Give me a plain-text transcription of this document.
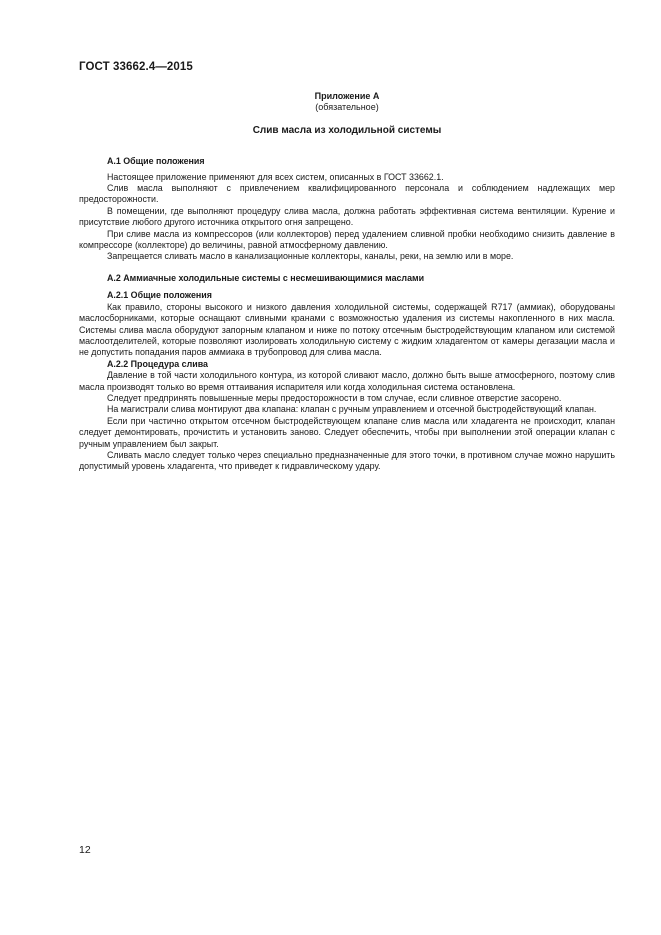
ГОСТ 33662.4—2015
Приложение А
(обязательное)
Слив масла из холодильной системы
А.1 Общие положения

Настоящее приложение применяют для всех систем, описанных в ГОСТ 33662.1.

Слив масла выполняют с привлечением квалифицированного персонала и соблюдением надлежащих мер предосторожности.

В помещении, где выполняют процедуру слива масла, должна работать эффективная система вентиляции. Курение и присутствие любого другого источника открытого огня запрещено.

При сливе масла из компрессоров (или коллекторов) перед удалением сливной пробки необходимо снизить давление в компрессоре (коллекторе) до величины, равной атмосферному давлению.

Запрещается сливать масло в канализационные коллекторы, каналы, реки, на землю или в море.

А.2 Аммиачные холодильные системы с несмешивающимися маслами
А.2.1 Общие положения

Как правило, стороны высокого и низкого давления холодильной системы, содержащей R717 (аммиак), оборудованы маслосборниками, которые оснащают сливными кранами с возможностью удаления из системы накопленного в них масла. Системы слива масла оборудуют запорным клапаном и ниже по потоку отсечным быстродействующим клапаном или системой маслоотделителей, которые позволяют изолировать холодильную систему с жидким хладагентом от камеры дегазации масла и не допустить попадания паров аммиака в трубопровод для слива масла.

А.2.2 Процедура слива

Давление в той части холодильного контура, из которой сливают масло, должно быть выше атмосферного, поэтому слив масла производят только во время оттаивания испарителя или когда холодильная система остановлена.

Следует предпринять повышенные меры предосторожности в том случае, если сливное отверстие засорено.

На магистрали слива монтируют два клапана: клапан с ручным управлением и отсечной быстродействующий клапан.

Если при частично открытом отсечном быстродействующем клапане слив масла или хладагента не происходит, клапан следует демонтировать, прочистить и установить заново. Следует обеспечить, чтобы при выполнении этой операции клапан с ручным управлением был закрыт.

Сливать масло следует только через специально предназначенные для этого точки, в противном случае можно нарушить допустимый уровень хладагента, что приведет к гидравлическому удару.

12
